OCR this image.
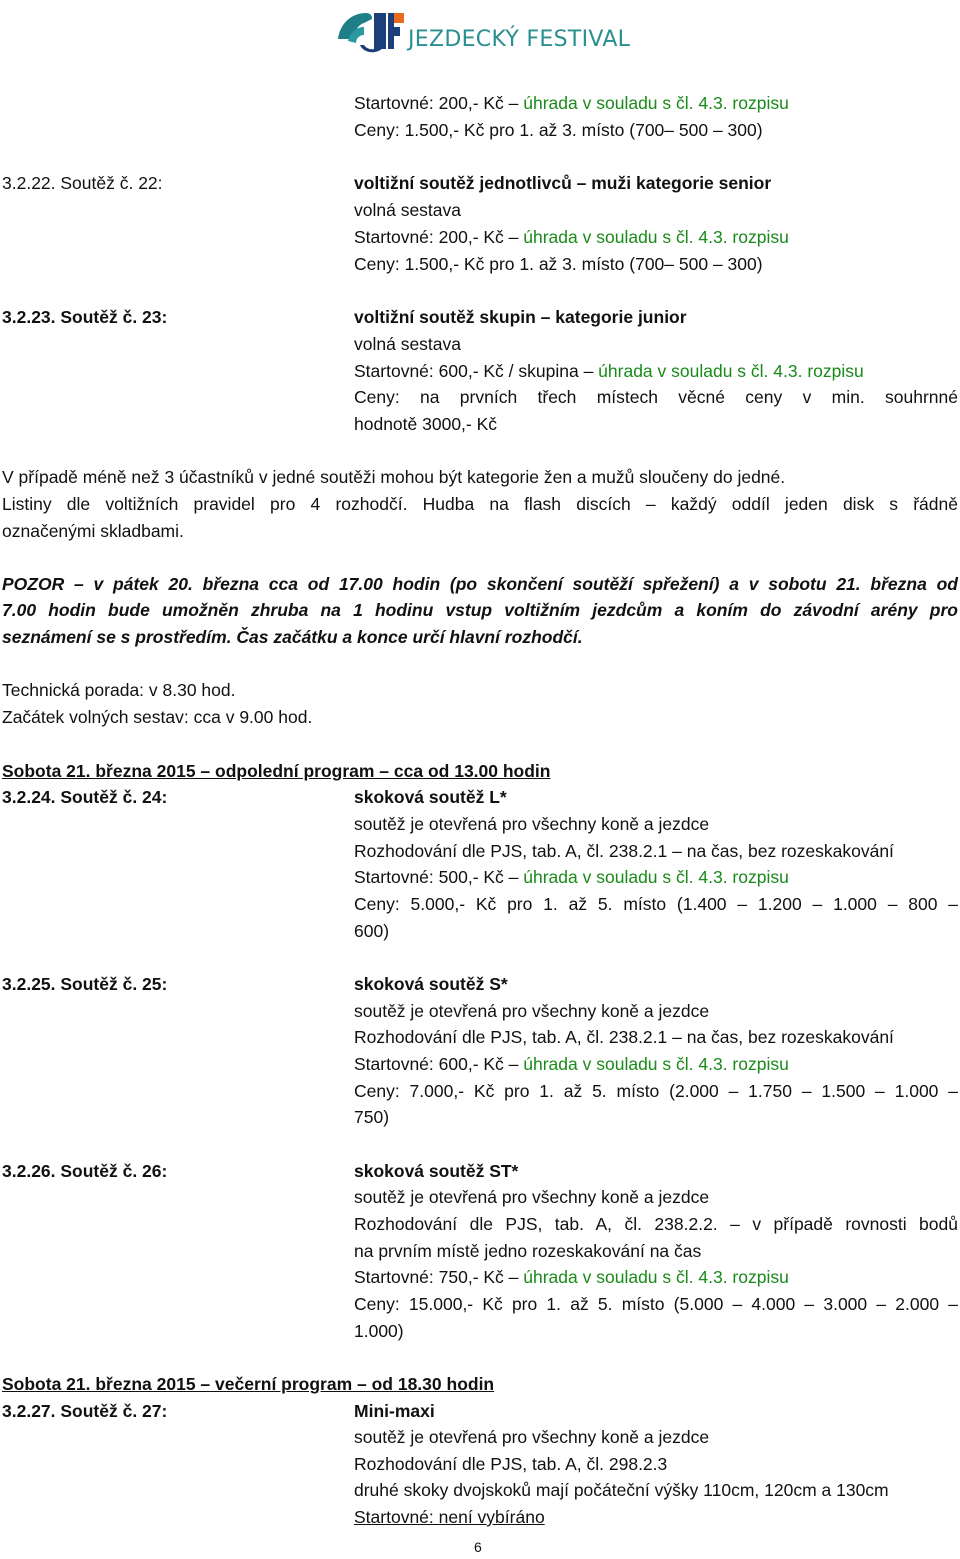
JEZDECKÝ FESTIVAL
Startovné: 200,- Kč – úhrada v souladu s čl. 4.3. rozpisu
Ceny: 1.500,- Kč pro 1. až 3. místo (700– 500 – 300)
3.2.22. Soutěž č. 22:	voltižní soutěž jednotlivců – muži kategorie senior
volná sestava
Startovné: 200,- Kč – úhrada v souladu s čl. 4.3. rozpisu
Ceny: 1.500,- Kč pro 1. až 3. místo (700– 500 – 300)
3.2.23. Soutěž č. 23:	voltižní soutěž skupin – kategorie junior
volná sestava
Startovné: 600,- Kč / skupina – úhrada v souladu s čl. 4.3. rozpisu
Ceny: na prvních třech místech věcné ceny v min. souhrnné
hodnotě 3000,- Kč
V případě méně než 3 účastníků v jedné soutěži mohou být kategorie žen a mužů sloučeny do jedné.
Listiny dle voltižních pravidel pro 4 rozhodčí. Hudba na flash discích – každý oddíl jeden disk s řádně
označenými skladbami.
POZOR – v pátek 20. března cca od 17.00 hodin (po skončení soutěží spřežení) a v sobotu 21. března od
7.00 hodin bude umožněn zhruba na 1 hodinu vstup voltižním jezdcům a koním do závodní arény pro
seznámení se s prostředím. Čas začátku a konce určí hlavní rozhodčí.
Technická porada: v 8.30 hod.
Začátek volných sestav: cca v 9.00 hod.
Sobota 21. března 2015 – odpolední program – cca od 13.00 hodin
3.2.24. Soutěž č. 24:	skoková soutěž L*
soutěž je otevřená pro všechny koně a jezdce
Rozhodování dle PJS, tab. A, čl. 238.2.1 – na čas, bez rozeskakování
Startovné: 500,- Kč – úhrada v souladu s čl. 4.3. rozpisu
Ceny: 5.000,- Kč pro 1. až 5. místo (1.400 – 1.200 – 1.000 – 800 –
600)
3.2.25. Soutěž č. 25:	skoková soutěž S*
soutěž je otevřená pro všechny koně a jezdce
Rozhodování dle PJS, tab. A, čl. 238.2.1 – na čas, bez rozeskakování
Startovné: 600,- Kč – úhrada v souladu s čl. 4.3. rozpisu
Ceny: 7.000,- Kč pro 1. až 5. místo (2.000 – 1.750 – 1.500 – 1.000 –
750)
3.2.26. Soutěž č. 26:	skoková soutěž ST*
soutěž je otevřená pro všechny koně a jezdce
Rozhodování dle PJS, tab. A, čl. 238.2.2. – v případě rovnosti bodů
na prvním místě jedno rozeskakování na čas
Startovné: 750,- Kč – úhrada v souladu s čl. 4.3. rozpisu
Ceny: 15.000,- Kč pro 1. až 5. místo (5.000 – 4.000 – 3.000 – 2.000 –
1.000)
Sobota 21. března 2015 – večerní program – od 18.30 hodin
3.2.27. Soutěž č. 27:	Mini-maxi
soutěž je otevřená pro všechny koně a jezdce
Rozhodování dle PJS, tab. A, čl. 298.2.3
druhé skoky dvojskoků mají počáteční výšky 110cm, 120cm a 130cm
Startovné: není vybíráno
6
